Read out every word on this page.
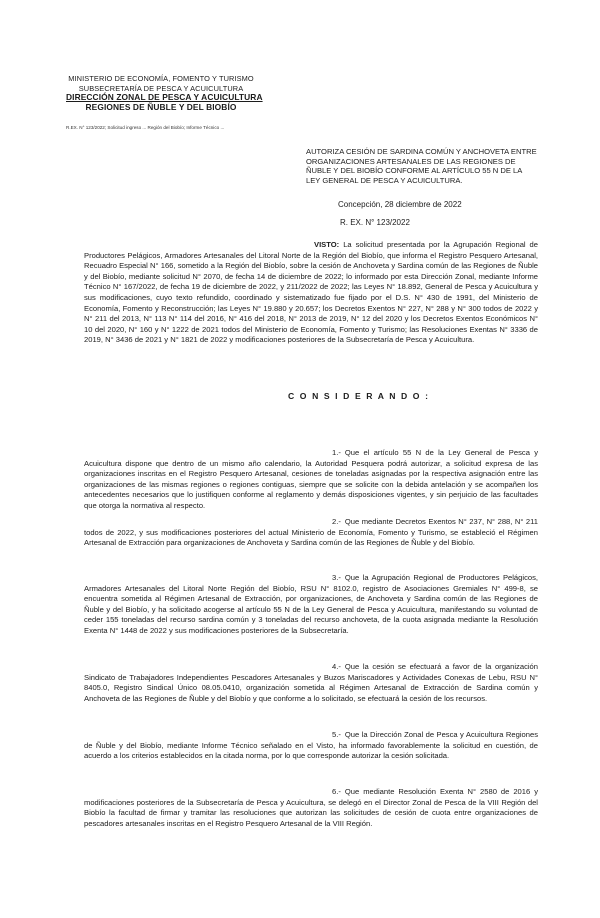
MINISTERIO DE ECONOMÍA, FOMENTO Y TURISMO
SUBSECRETARÍA DE PESCA Y ACUICULTURA
DIRECCIÓN ZONAL DE PESCA Y ACUICULTURA
REGIONES DE ÑUBLE Y DEL BIOBÍO
R.EX. N° 123/2022; Solicitud ingreso ... Región del Biobío; Informe Técnico ...
AUTORIZA CESIÓN DE SARDINA COMÚN Y ANCHOVETA ENTRE ORGANIZACIONES ARTESANALES DE LAS REGIONES DE ÑUBLE Y DEL BIOBÍO CONFORME AL ARTÍCULO 55 N DE LA LEY GENERAL DE PESCA Y ACUICULTURA.
Concepción, 28 diciembre de 2022
R. EX. N° 123/2022
VISTO: La solicitud presentada por la Agrupación Regional de Productores Pelágicos, Armadores Artesanales del Litoral Norte de la Región del Biobío, que informa el Registro Pesquero Artesanal, Recuadro Especial N° 166, sometido a la Región del Biobío, sobre la cesión de Anchoveta y Sardina común de las Regiones de Ñuble y del Biobío, mediante solicitud N° 2070, de fecha 14 de diciembre de 2022; lo informado por esta Dirección Zonal, mediante Informe Técnico N° 167/2022, de fecha 19 de diciembre de 2022, y 211/2022 de 2022; las Leyes N° 18.892, General de Pesca y Acuicultura y sus modificaciones, cuyo texto refundido, coordinado y sistematizado fue fijado por el D.S. N° 430 de 1991, del Ministerio de Economía, Fomento y Reconstrucción; las Leyes N° 19.880 y 20.657; los Decretos Exentos N° 227, N° 288 y N° 300 todos de 2022 y N° 211 del 2013, N° 113 N° 114 del 2016, N° 416 del 2018, N° 2013 de 2019, N° 12 del 2020 y los Decretos Exentos Económicos N° 10 del 2020, N° 160 y N° 1222 de 2021 todos del Ministerio de Economía, Fomento y Turismo; las Resoluciones Exentas N° 3336 de 2019, N° 3436 de 2021 y N° 1821 de 2022 y modificaciones posteriores de la Subsecretaría de Pesca y Acuicultura.
C O N S I D E R A N D O :
1.- Que el artículo 55 N de la Ley General de Pesca y Acuicultura dispone que dentro de un mismo año calendario, la Autoridad Pesquera podrá autorizar, a solicitud expresa de las organizaciones inscritas en el Registro Pesquero Artesanal, cesiones de toneladas asignadas por la respectiva asignación entre las organizaciones de las mismas regiones o regiones contiguas, siempre que se solicite con la debida antelación y se acompañen los antecedentes necesarios que lo justifiquen conforme al reglamento y demás disposiciones vigentes, y sin perjuicio de las facultades que otorga la normativa al respecto.
2.- Que mediante Decretos Exentos N° 237, N° 288, N° 211 todos de 2022, y sus modificaciones posteriores del actual Ministerio de Economía, Fomento y Turismo, se estableció el Régimen Artesanal de Extracción para organizaciones de Anchoveta y Sardina común de las Regiones de Ñuble y del Biobío.
3.- Que la Agrupación Regional de Productores Pelágicos, Armadores Artesanales del Litoral Norte Región del Biobío, RSU N° 8102.0, registro de Asociaciones Gremiales N° 499-8, se encuentra sometida al Régimen Artesanal de Extracción, por organizaciones, de Anchoveta y Sardina común de las Regiones de Ñuble y del Biobío, y ha solicitado acogerse al artículo 55 N de la Ley General de Pesca y Acuicultura, manifestando su voluntad de ceder 155 toneladas del recurso sardina común y 3 toneladas del recurso anchoveta, de la cuota asignada mediante la Resolución Exenta N° 1448 de 2022 y sus modificaciones posteriores de la Subsecretaría.
4.- Que la cesión se efectuará a favor de la organización Sindicato de Trabajadores Independientes Pescadores Artesanales y Buzos Mariscadores y Actividades Conexas de Lebu, RSU N° 8405.0, Registro Sindical Único 08.05.0410, organización sometida al Régimen Artesanal de Extracción de Sardina común y Anchoveta de las Regiones de Ñuble y del Biobío y que conforme a lo solicitado, se efectuará la cesión de los recursos.
5.- Que la Dirección Zonal de Pesca y Acuicultura Regiones de Ñuble y del Biobío, mediante Informe Técnico señalado en el Visto, ha informado favorablemente la solicitud en cuestión, de acuerdo a los criterios establecidos en la citada norma, por lo que corresponde autorizar la cesión solicitada.
6.- Que mediante Resolución Exenta N° 2580 de 2016 y modificaciones posteriores de la Subsecretaría de Pesca y Acuicultura, se delegó en el Director Zonal de Pesca de la VIII Región del Biobío la facultad de firmar y tramitar las resoluciones que autorizan las solicitudes de cesión de cuota entre organizaciones de pescadores artesanales inscritas en el Registro Pesquero Artesanal de la VIII Región.
